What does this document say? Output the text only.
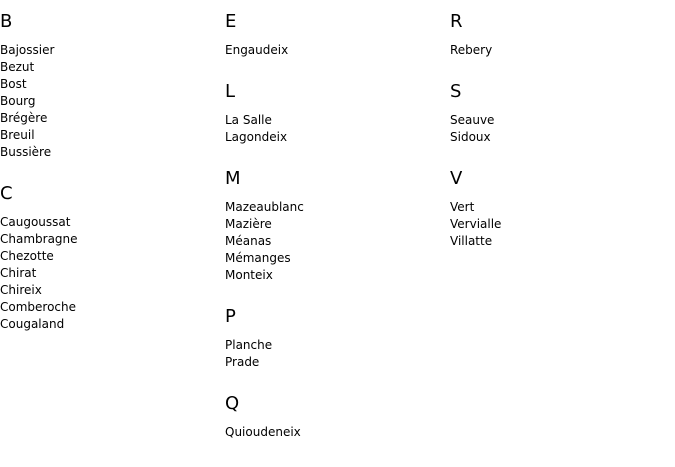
B
Bajossier
Bezut
Bost
Bourg
Brégère
Breuil
Bussière
C
Caugoussat
Chambragne
Chezotte
Chirat
Chireix
Comberoche
Cougaland
E
Engaudeix
L
La Salle
Lagondeix
M
Mazeaublanc
Mazière
Méanas
Mémanges
Monteix
P
Planche
Prade
Q
Quioudeneix
R
Rebery
S
Seauve
Sidoux
V
Vert
Vervialle
Villatte
